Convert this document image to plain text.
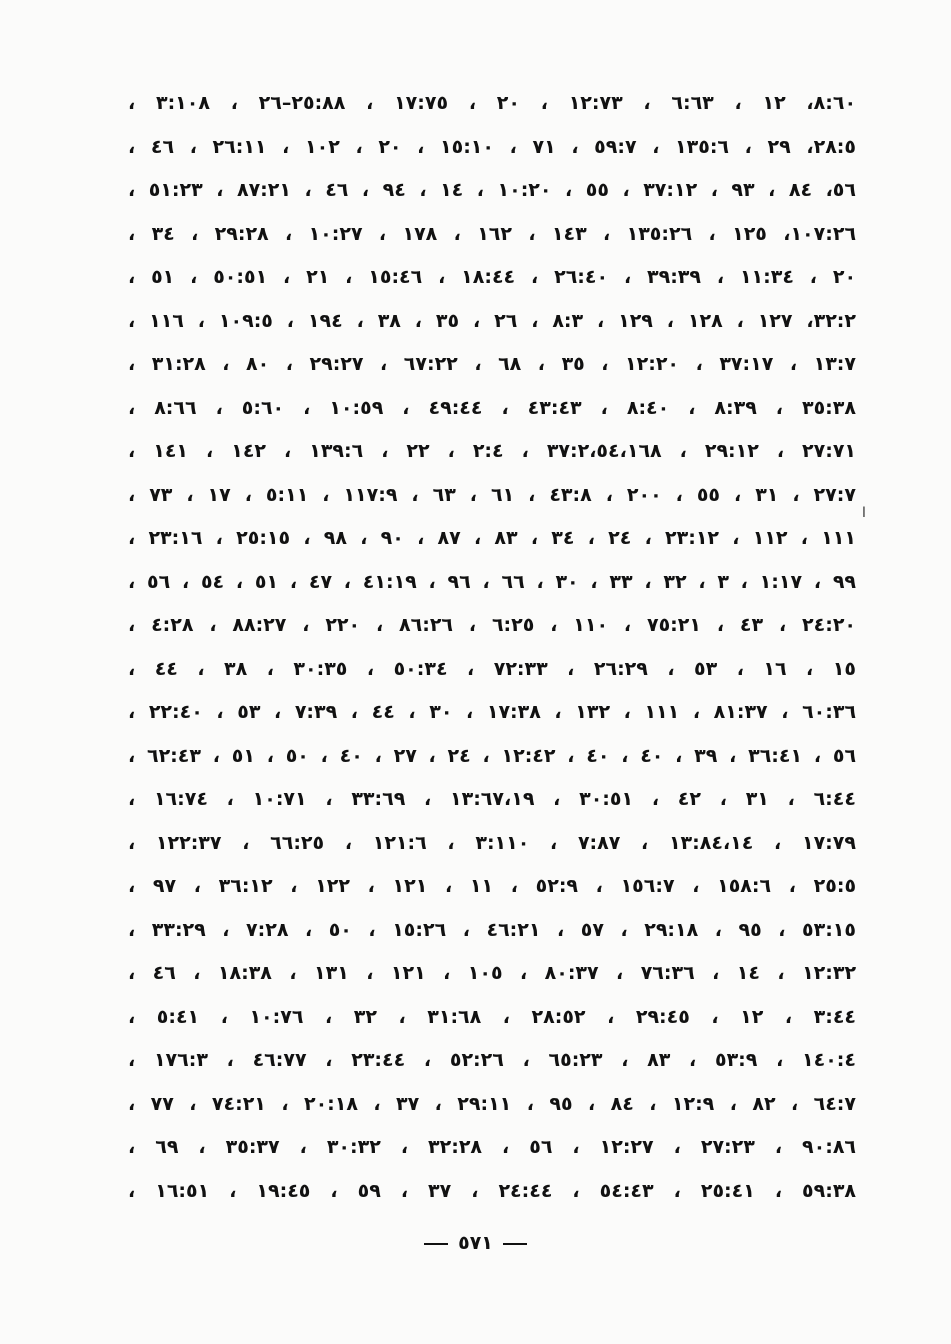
٨:٦٠، ١٢ ، ٦:٦٣ ، ١٢:٧٣ ، ٢٠ ، ١٧:٧٥ ، ٢٥:٨٨–٢٦ ، ٣:١٠٨ ،
٢٨:٥، ٢٩ ، ١٣٥:٦ ، ٥٩:٧ ، ٧١ ، ١٥:١٠ ، ٢٠ ، ١٠٢ ، ٢٦:١١ ، ٤٦ ،
٥٦، ٨٤ ، ٩٣ ، ٣٧:١٢ ، ٥٥ ، ١٠:٢٠ ، ١٤ ، ٩٤ ، ٤٦ ، ٨٧:٢١ ، ٥١:٢٣ ،
١٠٧:٢٦، ١٢٥ ، ١٣٥:٢٦ ، ١٤٣ ، ١٦٢ ، ١٧٨ ، ١٠:٢٧ ، ٢٩:٢٨ ، ٣٤ ،
٢٠ ، ١١:٣٤ ، ٣٩:٣٩ ، ٢٦:٤٠ ، ١٨:٤٤ ، ١٥:٤٦ ، ٢١ ، ٥٠:٥١ ، ٥١ ،
٣٢:٢، ١٢٧ ، ١٢٨ ، ١٢٩ ، ٨:٣ ، ٢٦ ، ٣٥ ، ٣٨ ، ١٩٤ ، ١٠٩:٥ ، ١١٦ ،
١٣:٧ ، ٣٧:١٧ ، ١٢:٢٠ ، ٣٥ ، ٦٨ ، ٦٧:٢٢ ، ٢٩:٢٧ ، ٨٠ ، ٣١:٢٨ ،
٣٥:٣٨ ، ٨:٣٩ ، ٨:٤٠ ، ٤٣:٤٣ ، ٤٩:٤٤ ، ١٠:٥٩ ، ٥:٦٠ ، ٨:٦٦ ،
٢٧:٧١ ، ٢٩:١٢ ، ٣٧:٢،٥٤،١٦٨ ، ٢:٤ ، ٢٢ ، ١٣٩:٦ ، ١٤٢ ، ١٤١ ،
٢٧:٧ ، ٣١ ، ٥٥ ، ٢٠٠ ، ٤٣:٨ ، ٦١ ، ٦٣ ، ١١٧:٩ ، ٥:١١ ، ١٧ ، ٧٣ ،
١١١ ، ١١٢ ، ٢٣:١٢ ، ٢٤ ، ٣٤ ، ٨٣ ، ٨٧ ، ٩٠ ، ٩٨ ، ٢٥:١٥ ، ٢٣:١٦ ،
٩٩ ، ١:١٧ ، ٣ ، ٣٢ ، ٣٣ ، ٣٠ ، ٦٦ ، ٩٦ ، ٤١:١٩ ، ٤٧ ، ٥١ ، ٥٤ ، ٥٦ ،
٢٤:٢٠ ، ٤٣ ، ٧٥:٢١ ، ١١٠ ، ٦:٢٥ ، ٨٦:٢٦ ، ٢٢٠ ، ٨٨:٢٧ ، ٤:٢٨ ،
١٥ ، ١٦ ، ٥٣ ، ٢٦:٢٩ ، ٧٢:٣٣ ، ٥٠:٣٤ ، ٣٠:٣٥ ، ٣٨ ، ٤٤ ،
٦٠:٣٦ ، ٨١:٣٧ ، ١١١ ، ١٣٢ ، ١٧:٣٨ ، ٣٠ ، ٤٤ ، ٧:٣٩ ، ٥٣ ، ٢٢:٤٠ ،
٥٦ ، ٣٦:٤١ ، ٣٩ ، ٤٠ ، ٤٠ ، ١٢:٤٢ ، ٢٤ ، ٢٧ ، ٤٠ ، ٥٠ ، ٥١ ، ٦٢:٤٣ ،
٦:٤٤ ، ٣١ ، ٤٢ ، ٣٠:٥١ ، ١٣:٦٧،١٩ ، ٣٣:٦٩ ، ١٠:٧١ ، ١٦:٧٤ ،
١٧:٧٩ ، ١٣:٨٤،١٤ ، ٧:٨٧ ، ٣:١١٠ ، ١٢١:٦ ، ٦٦:٢٥ ، ١٢٢:٣٧ ،
٢٥:٥ ، ١٥٨:٦ ، ١٥٦:٧ ، ٥٢:٩ ، ١١ ، ١٢١ ، ١٢٢ ، ٣٦:١٢ ، ٩٧ ،
٥٣:١٥ ، ٩٥ ، ٢٩:١٨ ، ٥٧ ، ٤٦:٢١ ، ١٥:٢٦ ، ٥٠ ، ٧:٢٨ ، ٣٣:٢٩ ،
١٢:٣٢ ، ١٤ ، ٧٦:٣٦ ، ٨٠:٣٧ ، ١٠٥ ، ١٢١ ، ١٣١ ، ١٨:٣٨ ، ٤٦ ،
٣:٤٤ ، ١٢ ، ٢٩:٤٥ ، ٢٨:٥٢ ، ٣١:٦٨ ، ٣٢ ، ١٠:٧٦ ، ٥:٤١ ،
١٤٠:٤ ، ٥٣:٩ ، ٨٣ ، ٦٥:٢٣ ، ٥٢:٢٦ ، ٢٣:٤٤ ، ٤٦:٧٧ ، ١٧٦:٣ ،
٦٤:٧ ، ٨٢ ، ١٢:٩ ، ٨٤ ، ٩٥ ، ٢٩:١١ ، ٣٧ ، ٢٠:١٨ ، ٧٤:٢١ ، ٧٧ ،
٩٠:٨٦ ، ٢٧:٢٣ ، ١٢:٢٧ ، ٥٦ ، ٣٢:٢٨ ، ٣٠:٣٢ ، ٣٥:٣٧ ، ٦٩ ،
٥٩:٣٨ ، ٢٥:٤١ ، ٥٤:٤٣ ، ٢٤:٤٤ ، ٣٧ ، ٥٩ ، ١٩:٤٥ ، ١٦:٥١ ،
ا
٥٧١
